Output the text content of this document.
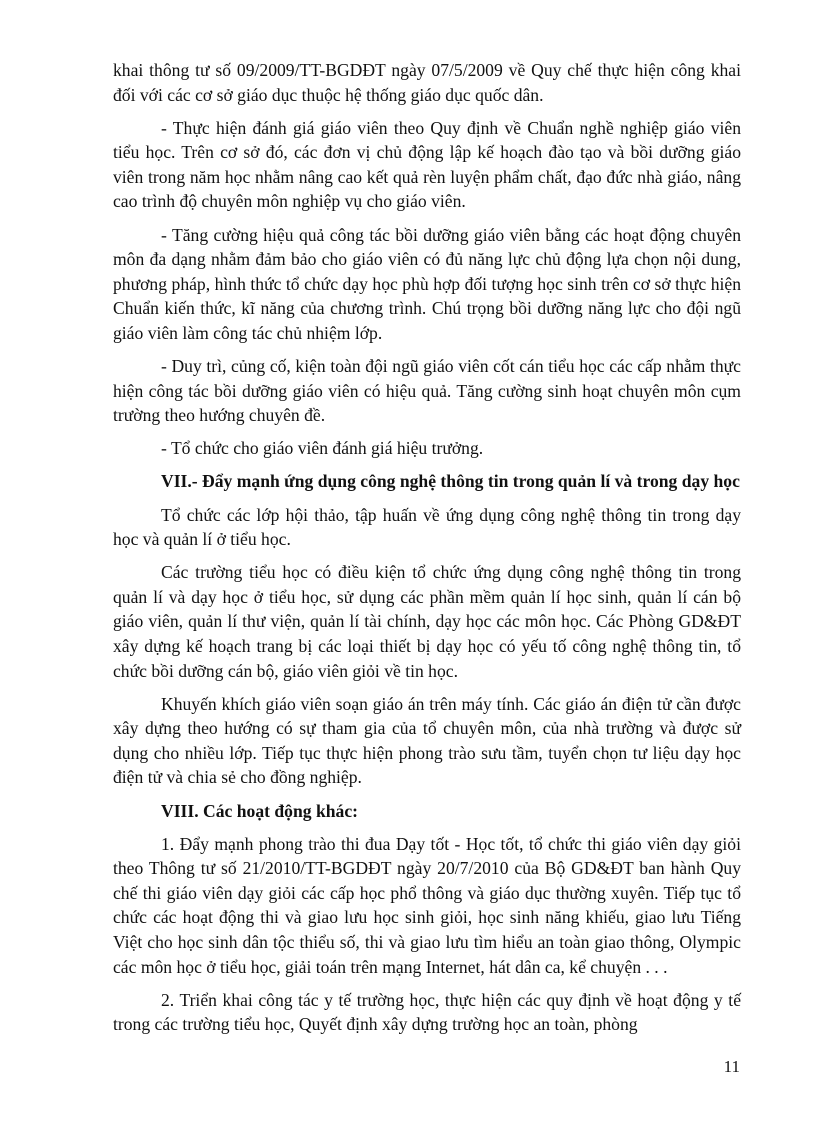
khai thông tư số 09/2009/TT-BGDĐT ngày 07/5/2009 về Quy chế thực hiện công khai đối với các cơ sở giáo dục thuộc hệ thống giáo dục quốc dân.

- Thực hiện đánh giá giáo viên theo Quy định về Chuẩn nghề nghiệp giáo viên tiểu học. Trên cơ sở đó, các đơn vị chủ động lập kế hoạch đào tạo và bồi dưỡng giáo viên trong năm học nhằm nâng cao kết quả rèn luyện phẩm chất, đạo đức nhà giáo, nâng cao trình độ chuyên môn nghiệp vụ cho giáo viên.

- Tăng cường hiệu quả công tác bồi dưỡng giáo viên bằng các hoạt động chuyên môn đa dạng nhằm đảm bảo cho giáo viên có đủ năng lực chủ động lựa chọn nội dung, phương pháp, hình thức tổ chức dạy học phù hợp đối tượng học sinh trên cơ sở thực hiện Chuẩn kiến thức, kĩ năng của chương trình. Chú trọng bồi dưỡng năng lực cho đội ngũ giáo viên làm công tác chủ nhiệm lớp.

- Duy trì, củng cố, kiện toàn đội ngũ giáo viên cốt cán tiểu học các cấp nhằm thực hiện công tác bồi dưỡng giáo viên có hiệu quả. Tăng cường sinh hoạt chuyên môn cụm trường theo hướng chuyên đề.

- Tổ chức cho giáo viên đánh giá hiệu trưởng.

VII.- Đẩy mạnh ứng dụng công nghệ thông tin trong quản lí và trong dạy học

Tổ chức các lớp hội thảo, tập huấn về ứng dụng công nghệ thông tin trong dạy học và quản lí ở tiểu học.

Các trường tiểu học có điều kiện tổ chức ứng dụng công nghệ thông tin trong quản lí và dạy học ở tiểu học, sử dụng các phần mềm quản lí học sinh, quản lí cán bộ giáo viên, quản lí thư viện, quản lí tài chính, dạy học các môn học. Các Phòng GD&ĐT xây dựng kế hoạch trang bị các loại thiết bị dạy học có yếu tố công nghệ thông tin, tổ chức bồi dưỡng cán bộ, giáo viên giỏi về tin học.

Khuyến khích giáo viên soạn giáo án trên máy tính. Các giáo án điện tử cần được xây dựng theo hướng có sự tham gia của tổ chuyên môn, của nhà trường và được sử dụng cho nhiều lớp. Tiếp tục thực hiện phong trào sưu tầm, tuyển chọn tư liệu dạy học điện tử và chia sẻ cho đồng nghiệp.

VIII. Các hoạt động khác:

1. Đẩy mạnh phong trào thi đua Dạy tốt - Học tốt, tổ chức thi giáo viên dạy giỏi theo Thông tư số 21/2010/TT-BGDĐT ngày 20/7/2010 của Bộ GD&ĐT ban hành Quy chế thi giáo viên dạy giỏi các cấp học phổ thông và giáo dục thường xuyên. Tiếp tục tổ chức các hoạt động thi và giao lưu học sinh giỏi, học sinh năng khiếu, giao lưu Tiếng Việt cho học sinh dân tộc thiểu số, thi và giao lưu tìm hiểu an toàn giao thông, Olympic các môn học ở tiểu học, giải toán trên mạng Internet, hát dân ca, kể chuyện . . .

2. Triển khai công tác y tế trường học, thực hiện các quy định về hoạt động y tế trong các trường tiểu học, Quyết định xây dựng trường học an toàn, phòng

11
